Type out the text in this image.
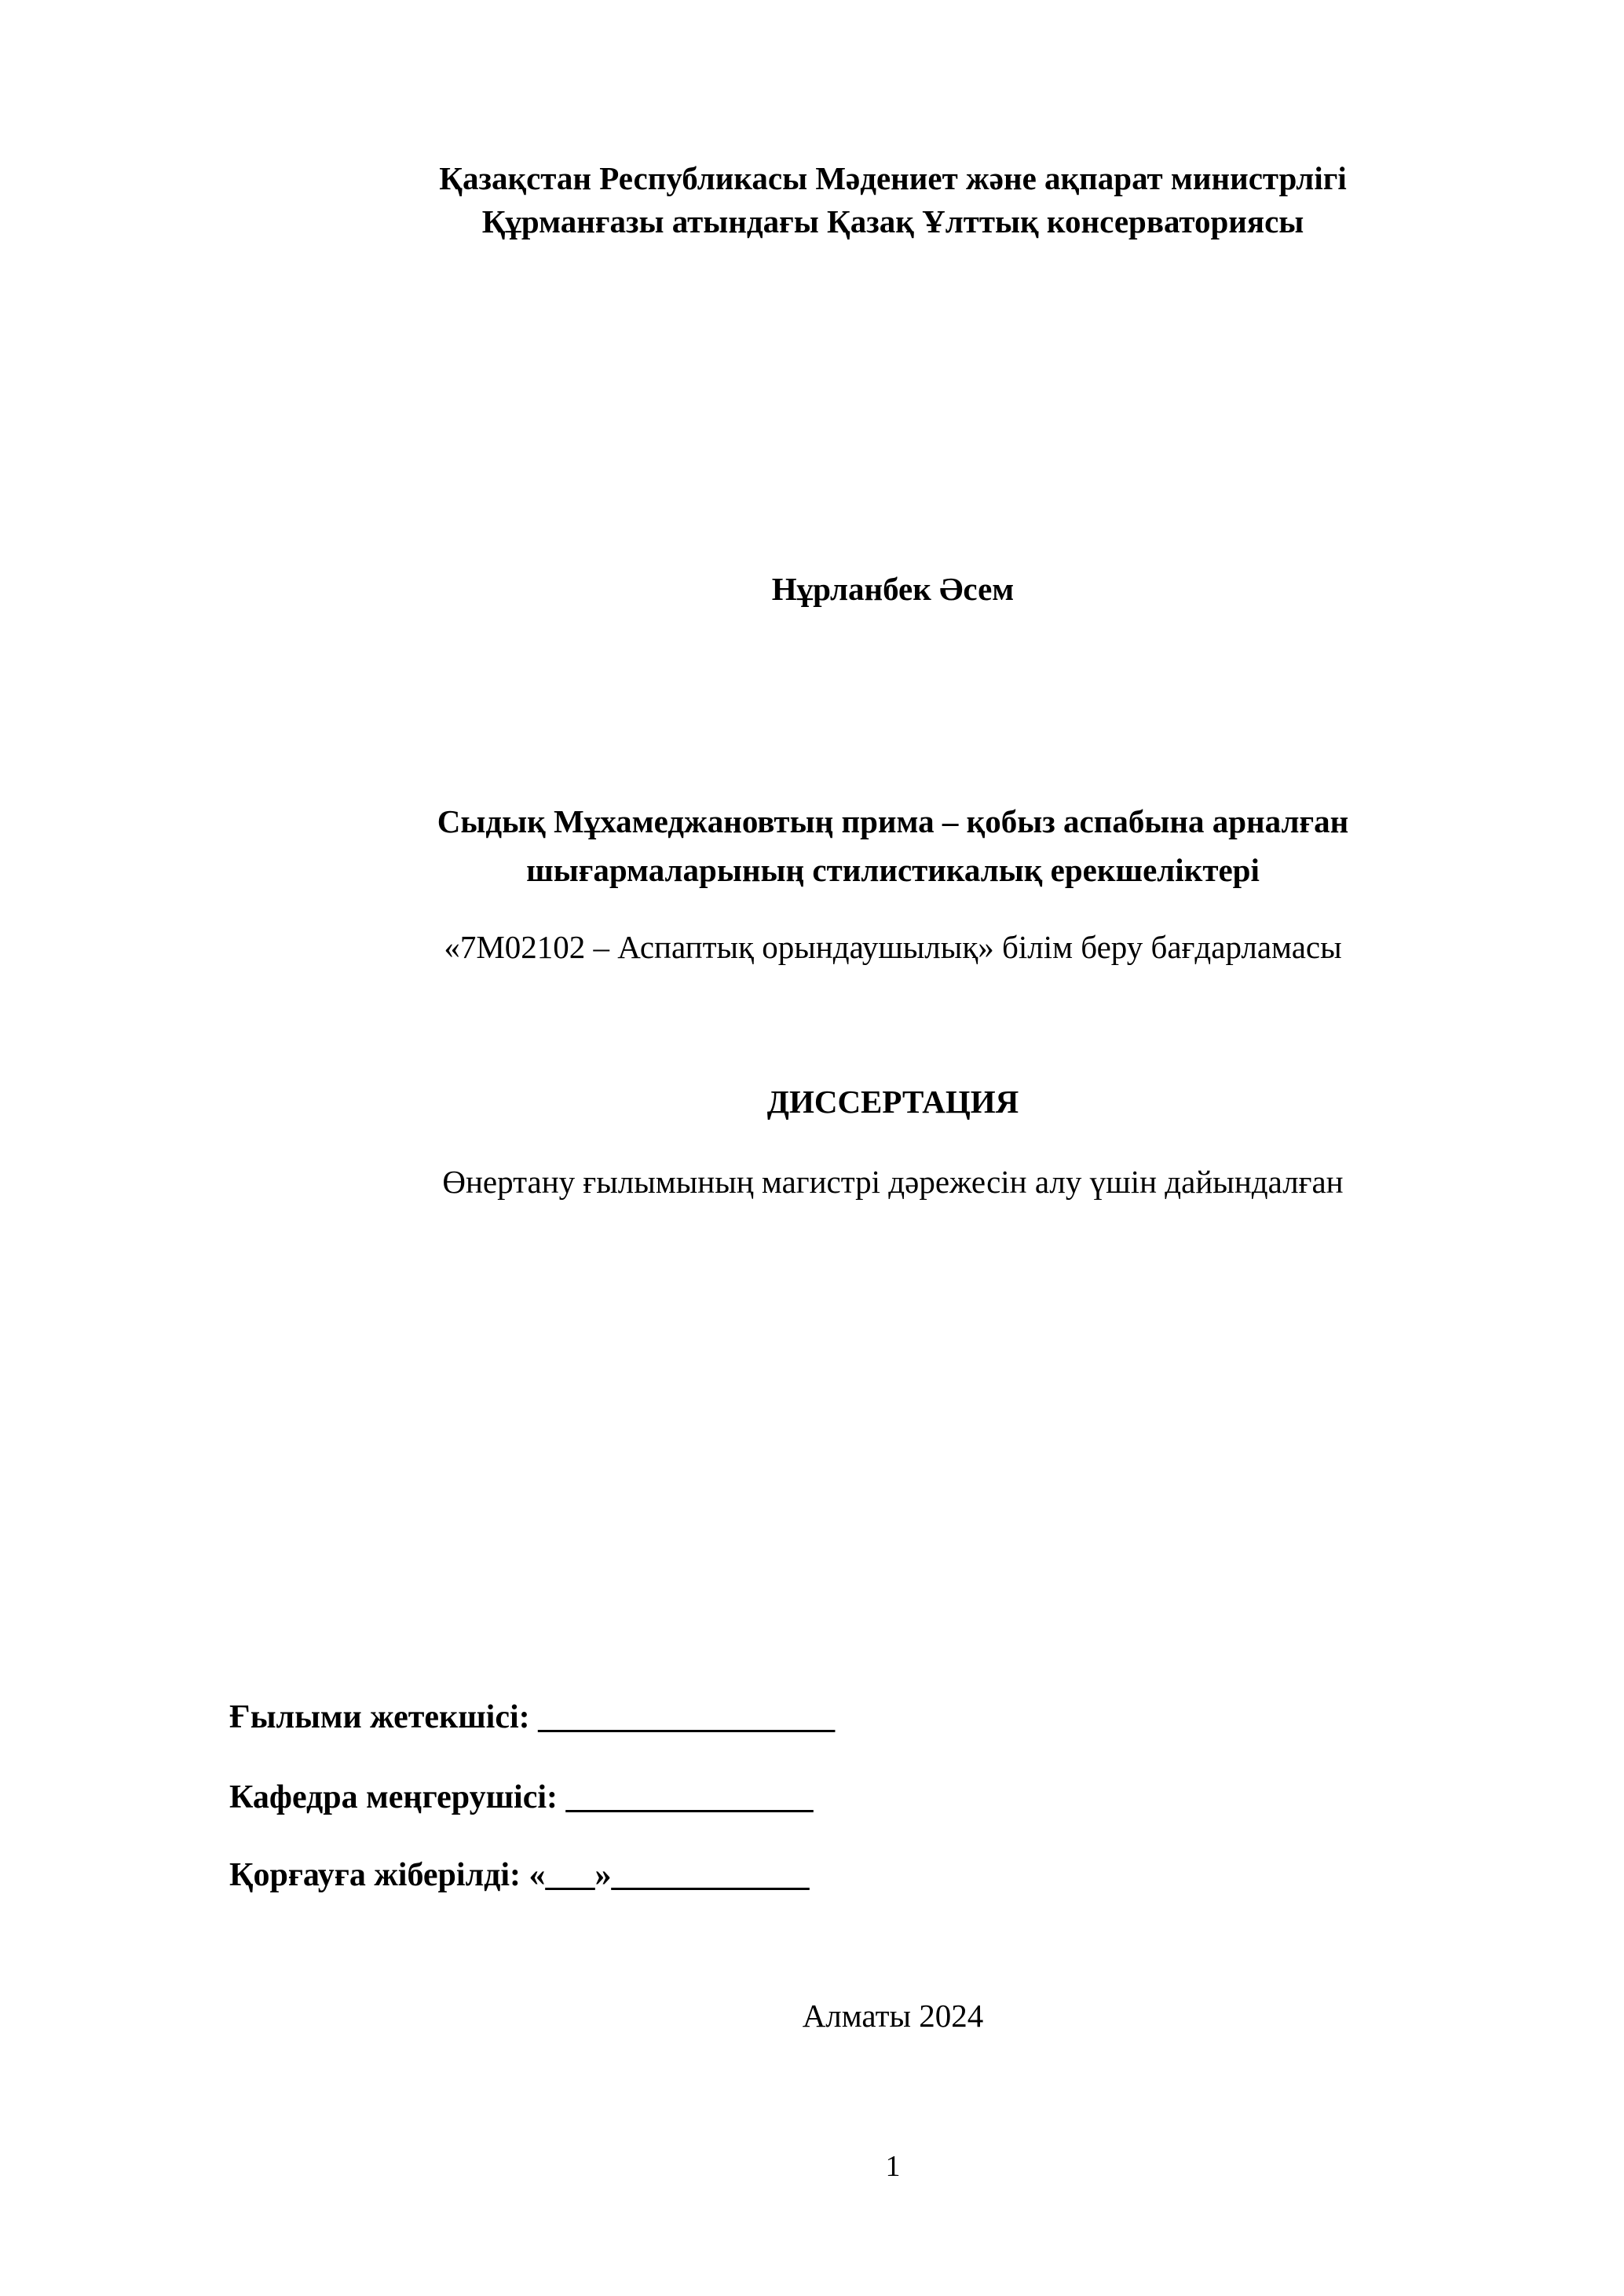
Қазақстан Республикасы Мәдениет және ақпарат министрлігі
Құрманғазы атындағы Қазақ Ұлттық консерваториясы
Нұрланбек Әсем
Сыдық Мұхамеджановтың прима – қобыз аспабына арналған
шығармаларының стилистикалық ерекшеліктері
«7M02102 – Аспаптық орындаушылық» білім беру бағдарламасы
ДИССЕРТАЦИЯ
Өнертану ғылымының магистрі дәрежесін алу үшін дайындалған
Ғылыми жетекшісі: __________________
Кафедра меңгерушісі: _______________
Қорғауға жіберілді: «___»____________
Алматы 2024
1
